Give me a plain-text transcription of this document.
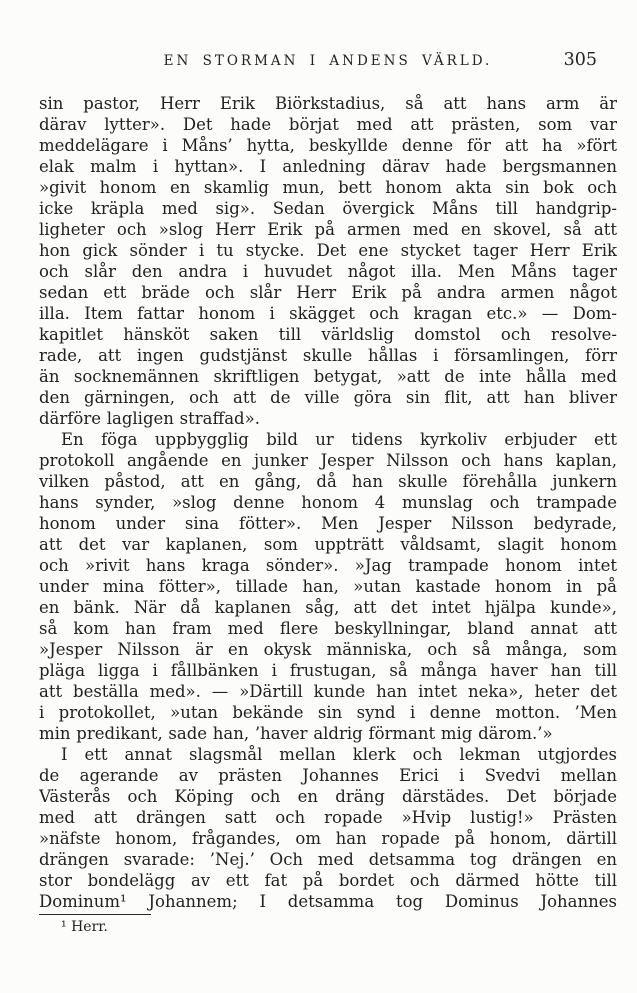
EN STORMAN I ANDENS VÄRLD.	305
sin pastor, Herr Erik Biörkstadius, så att hans arm är
därav lytter». Det hade börjat med att prästen, som var
meddelägare i Måns’ hytta, beskyllde denne för att ha »fört
elak malm i hyttan». I anledning därav hade bergsmannen
»givit honom en skamlig mun, bett honom akta sin bok och
icke kräpla med sig». Sedan övergick Måns till handgrip-
ligheter och »slog Herr Erik på armen med en skovel, så att
hon gick sönder i tu stycke. Det ene stycket tager Herr Erik
och slår den andra i huvudet något illa. Men Måns tager
sedan ett bräde och slår Herr Erik på andra armen något
illa. Item fattar honom i skägget och kragan etc.» — Dom-
kapitlet hänsköt saken till världslig domstol och resolve-
rade, att ingen gudstjänst skulle hållas i församlingen, förr
än socknemännen skriftligen betygat, »att de inte hålla med
den gärningen, och att de ville göra sin flit, att han bliver
därföre lagligen straffad».
En föga uppbygglig bild ur tidens kyrkoliv erbjuder ett
protokoll angående en junker Jesper Nilsson och hans kaplan,
vilken påstod, att en gång, då han skulle förehålla junkern
hans synder, »slog denne honom 4 munslag och trampade
honom under sina fötter». Men Jesper Nilsson bedyrade,
att det var kaplanen, som uppträtt våldsamt, slagit honom
och »rivit hans kraga sönder». »Jag trampade honom intet
under mina fötter», tillade han, »utan kastade honom in på
en bänk. När då kaplanen såg, att det intet hjälpa kunde»,
så kom han fram med flere beskyllningar, bland annat att
»Jesper Nilsson är en okysk människa, och så många, som
pläga ligga i fållbänken i frustugan, så många haver han till
att beställa med». — »Därtill kunde han intet neka», heter det
i protokollet, »utan bekände sin synd i denne motton. ’Men
min predikant, sade han, ’haver aldrig förmant mig därom.’»
I ett annat slagsmål mellan klerk och lekman utgjordes
de agerande av prästen Johannes Erici i Svedvi mellan
Västerås och Köping och en dräng därstädes. Det började
med att drängen satt och ropade »Hvip lustig!» Prästen
»näfste honom, frågandes, om han ropade på honom, därtill
drängen svarade: ’Nej.’ Och med detsamma tog drängen en
stor bondelägg av ett fat på bordet och därmed hötte till
Dominum¹ Johannem; I detsamma tog Dominus Johannes
¹ Herr.
